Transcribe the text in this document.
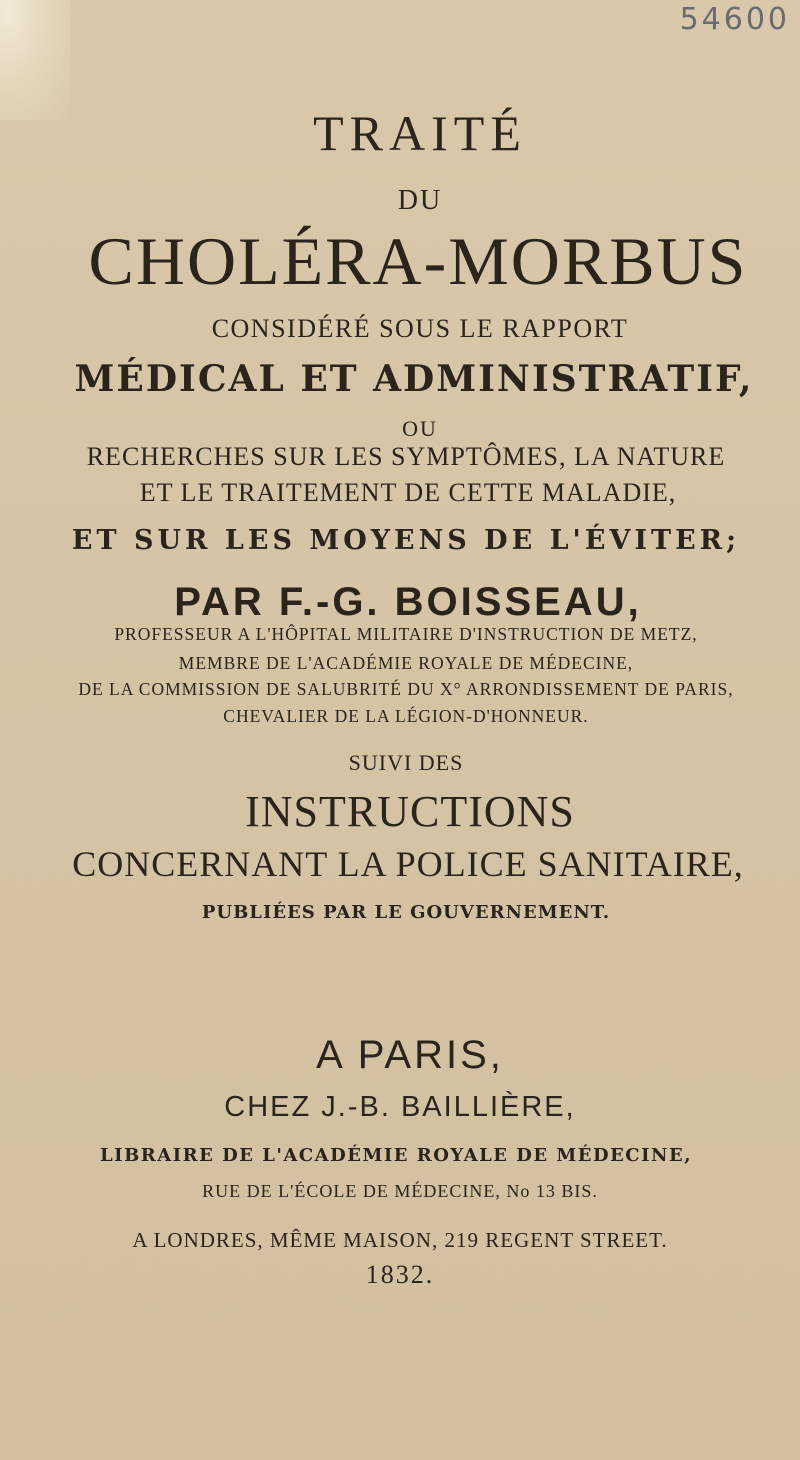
54600
TRAITÉ
DU
CHOLÉRA-MORBUS
CONSIDÉRÉ SOUS LE RAPPORT
MÉDICAL ET ADMINISTRATIF,
OU
RECHERCHES SUR LES SYMPTÔMES, LA NATURE
ET LE TRAITEMENT DE CETTE MALADIE,
ET SUR LES MOYENS DE L'ÉVITER;
PAR F.-G. BOISSEAU,
PROFESSEUR A L'HÔPITAL MILITAIRE D'INSTRUCTION DE METZ,
MEMBRE DE L'ACADÉMIE ROYALE DE MÉDECINE,
DE LA COMMISSION DE SALUBRITÉ DU X° ARRONDISSEMENT DE PARIS,
CHEVALIER DE LA LÉGION-D'HONNEUR.
SUIVI DES
INSTRUCTIONS
CONCERNANT LA POLICE SANITAIRE,
PUBLIÉES PAR LE GOUVERNEMENT.
A PARIS,
CHEZ J.-B. BAILLIÈRE,
LIBRAIRE DE L'ACADÉMIE ROYALE DE MÉDECINE,
RUE DE L'ÉCOLE DE MÉDECINE, No 13 BIS.
A LONDRES, MÊME MAISON, 219 REGENT STREET.
1832.
